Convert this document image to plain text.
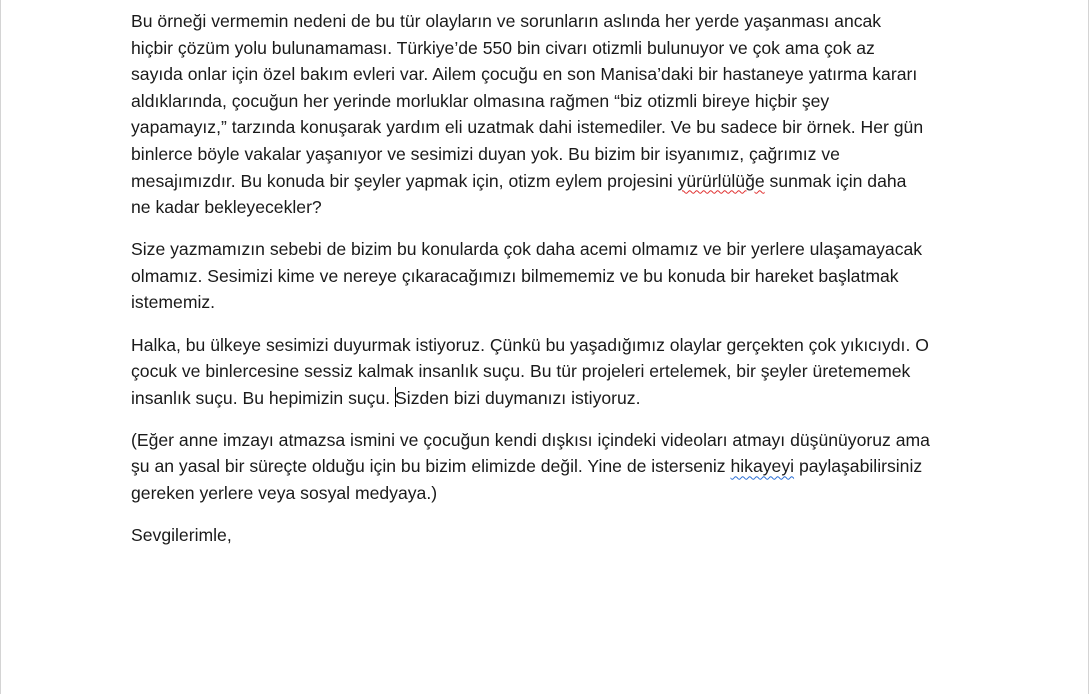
Bu örneği vermemin nedeni de bu tür olayların ve sorunların aslında her yerde yaşanması ancak
hiçbir çözüm yolu bulunamaması. Türkiye’de 550 bin civarı otizmli bulunuyor ve çok ama çok az
sayıda onlar için özel bakım evleri var. Ailem çocuğu en son Manisa’daki bir hastaneye yatırma kararı
aldıklarında, çocuğun her yerinde morluklar olmasına rağmen “biz otizmli bireye hiçbir şey
yapamayız,” tarzında konuşarak yardım eli uzatmak dahi istemediler. Ve bu sadece bir örnek. Her gün
binlerce böyle vakalar yaşanıyor ve sesimizi duyan yok. Bu bizim bir isyanımız, çağrımız ve
mesajımızdır. Bu konuda bir şeyler yapmak için, otizm eylem projesini yürürlülüğe sunmak için daha
ne kadar bekleyecekler?
Size yazmamızın sebebi de bizim bu konularda çok daha acemi olmamız ve bir yerlere ulaşamayacak
olmamız. Sesimizi kime ve nereye çıkaracağımızı bilmememiz ve bu konuda bir hareket başlatmak
istememiz.
Halka, bu ülkeye sesimizi duyurmak istiyoruz. Çünkü bu yaşadığımız olaylar gerçekten çok yıkıcıydı. O
çocuk ve binlercesine sessiz kalmak insanlık suçu. Bu tür projeleri ertelemek, bir şeyler üretememek
insanlık suçu. Bu hepimizin suçu. Sizden bizi duymanızı istiyoruz.
(Eğer anne imzayı atmazsa ismini ve çocuğun kendi dışkısı içindeki videoları atmayı düşünüyoruz ama
şu an yasal bir süreçte olduğu için bu bizim elimizde değil. Yine de isterseniz hikayeyi paylaşabilirsiniz
gereken yerlere veya sosyal medyaya.)
Sevgilerimle,
